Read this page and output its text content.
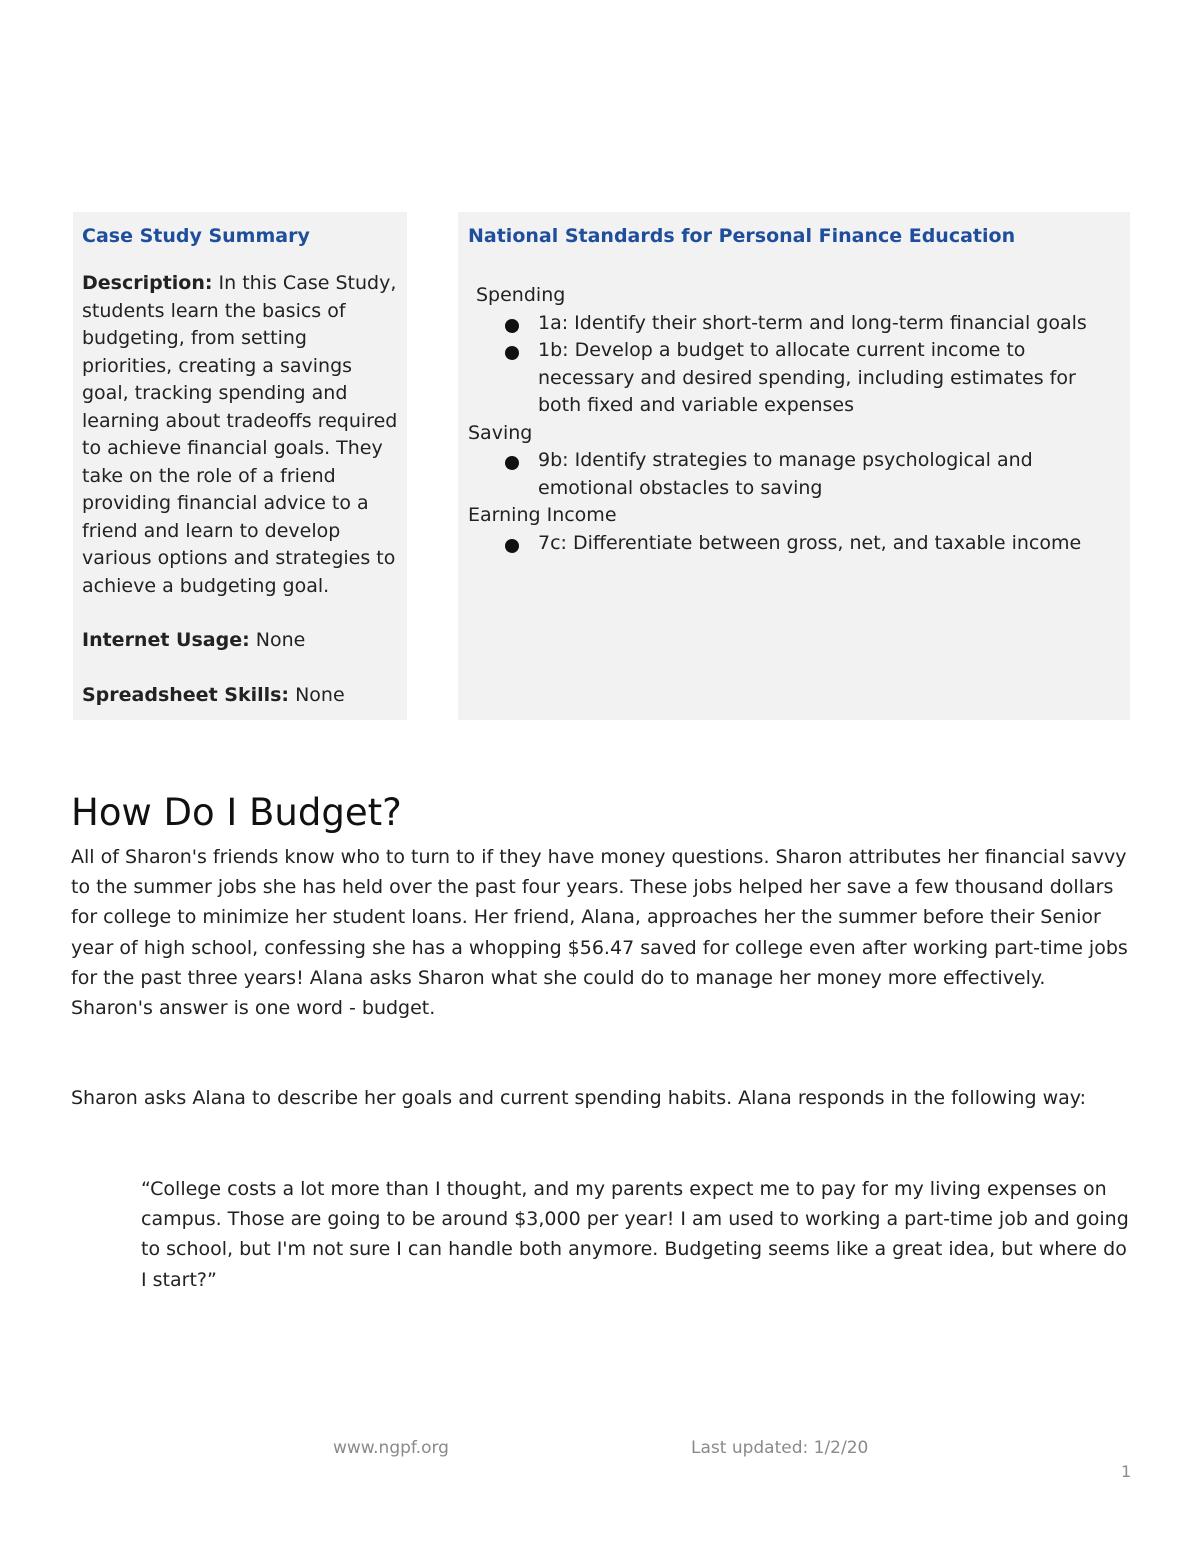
Case Study Summary

Description: In this Case Study, students learn the basics of budgeting, from setting priorities, creating a savings goal, tracking spending and learning about tradeoffs required to achieve financial goals. They take on the role of a friend providing financial advice to a friend and learn to develop various options and strategies to achieve a budgeting goal.

Internet Usage: None

Spreadsheet Skills: None

National Standards for Personal Finance Education

Spending

1a: Identify their short-term and long-term financial goals
1b: Develop a budget to allocate current income to necessary and desired spending, including estimates for both fixed and variable expenses

Saving

9b: Identify strategies to manage psychological and emotional obstacles to saving

Earning Income

7c: Differentiate between gross, net, and taxable income
How Do I Budget?

All of Sharon's friends know who to turn to if they have money questions. Sharon attributes her financial savvy to the summer jobs she has held over the past four years. These jobs helped her save a few thousand dollars for college to minimize her student loans. Her friend, Alana, approaches her the summer before their Senior year of high school, confessing she has a whopping $56.47 saved for college even after working part-time jobs for the past three years! Alana asks Sharon what she could do to manage her money more effectively. Sharon's answer is one word - budget.

Sharon asks Alana to describe her goals and current spending habits. Alana responds in the following way:

“College costs a lot more than I thought, and my parents expect me to pay for my living expenses on campus. Those are going to be around $3,000 per year! I am used to working a part-time job and going to school, but I'm not sure I can handle both anymore. Budgeting seems like a great idea, but where do I start?”

www.ngpf.org	Last updated: 1/2/20

1
